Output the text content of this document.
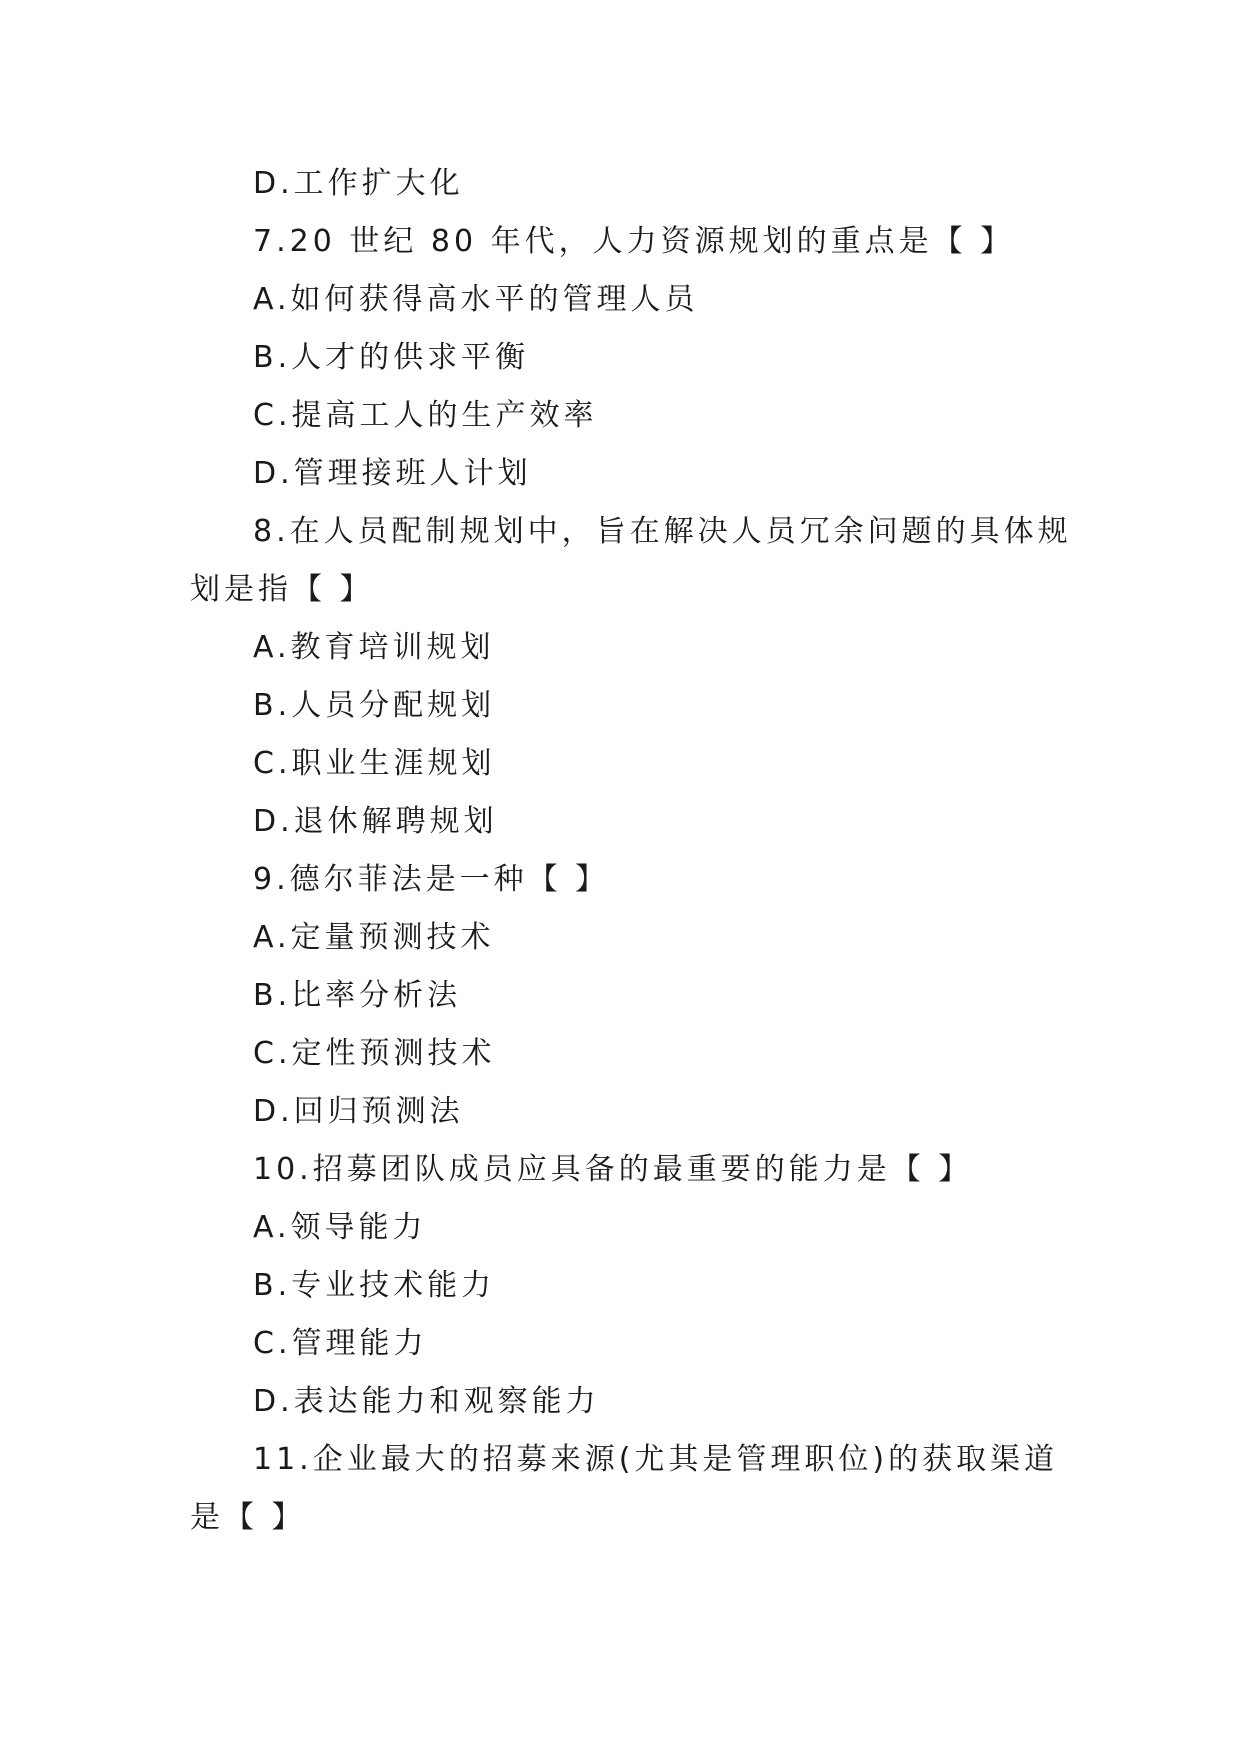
D.工作扩大化
7.20 世纪 80 年代，人力资源规划的重点是【 】
A.如何获得高水平的管理人员
B.人才的供求平衡
C.提高工人的生产效率
D.管理接班人计划
8.在人员配制规划中，旨在解决人员冗余问题的具体规
划是指【 】
A.教育培训规划
B.人员分配规划
C.职业生涯规划
D.退休解聘规划
9.德尔菲法是一种【 】
A.定量预测技术
B.比率分析法
C.定性预测技术
D.回归预测法
10.招募团队成员应具备的最重要的能力是【 】
A.领导能力
B.专业技术能力
C.管理能力
D.表达能力和观察能力
11.企业最大的招募来源(尤其是管理职位)的获取渠道
是【 】
